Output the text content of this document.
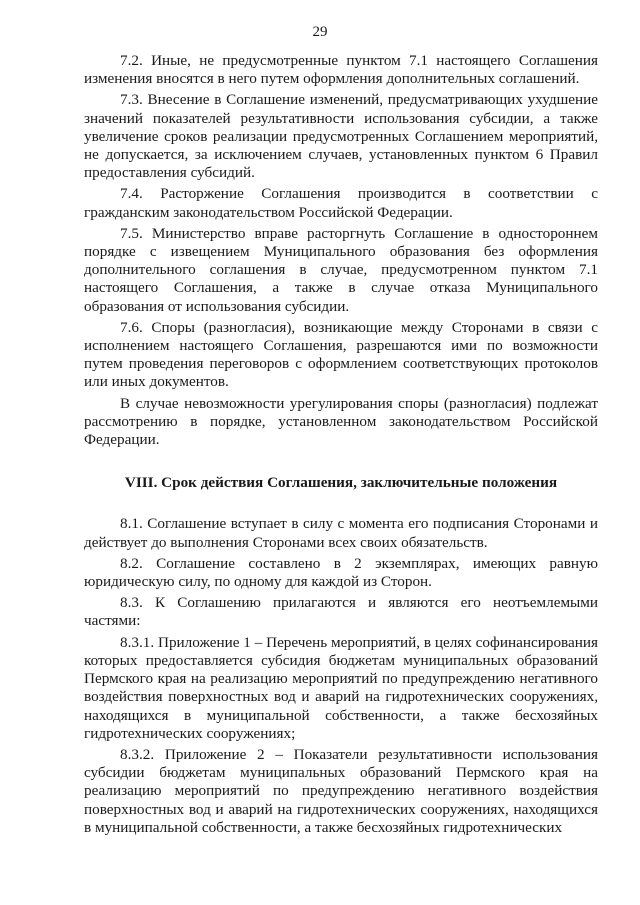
29

7.2. Иные, не предусмотренные пунктом 7.1 настоящего Соглашения изменения вносятся в него путем оформления дополнительных соглашений.

7.3. Внесение в Соглашение изменений, предусматривающих ухудшение значений показателей результативности использования субсидии, а также увеличение сроков реализации предусмотренных Соглашением мероприятий, не допускается, за исключением случаев, установленных пунктом 6 Правил предоставления субсидий.

7.4. Расторжение Соглашения производится в соответствии с гражданским законодательством Российской Федерации.

7.5. Министерство вправе расторгнуть Соглашение в одностороннем порядке с извещением Муниципального образования без оформления дополнительного соглашения в случае, предусмотренном пунктом 7.1 настоящего Соглашения, а также в случае отказа Муниципального образования от использования субсидии.

7.6. Споры (разногласия), возникающие между Сторонами в связи с исполнением настоящего Соглашения, разрешаются ими по возможности путем проведения переговоров с оформлением соответствующих протоколов или иных документов.

В случае невозможности урегулирования споры (разногласия) подлежат рассмотрению в порядке, установленном законодательством Российской Федерации.

VIII. Срок действия Соглашения, заключительные положения

8.1. Соглашение вступает в силу с момента его подписания Сторонами и действует до выполнения Сторонами всех своих обязательств.

8.2. Соглашение составлено в 2 экземплярах, имеющих равную юридическую силу, по одному для каждой из Сторон.

8.3. К Соглашению прилагаются и являются его неотъемлемыми частями:

8.3.1. Приложение 1 – Перечень мероприятий, в целях софинансирования которых предоставляется субсидия бюджетам муниципальных образований Пермского края на реализацию мероприятий по предупреждению негативного воздействия поверхностных вод и аварий на гидротехнических сооружениях, находящихся в муниципальной собственности, а также бесхозяйных гидротехнических сооружениях;

8.3.2. Приложение 2 – Показатели результативности использования субсидии бюджетам муниципальных образований Пермского края на реализацию мероприятий по предупреждению негативного воздействия поверхностных вод и аварий на гидротехнических сооружениях, находящихся в муниципальной собственности, а также бесхозяйных гидротехнических
